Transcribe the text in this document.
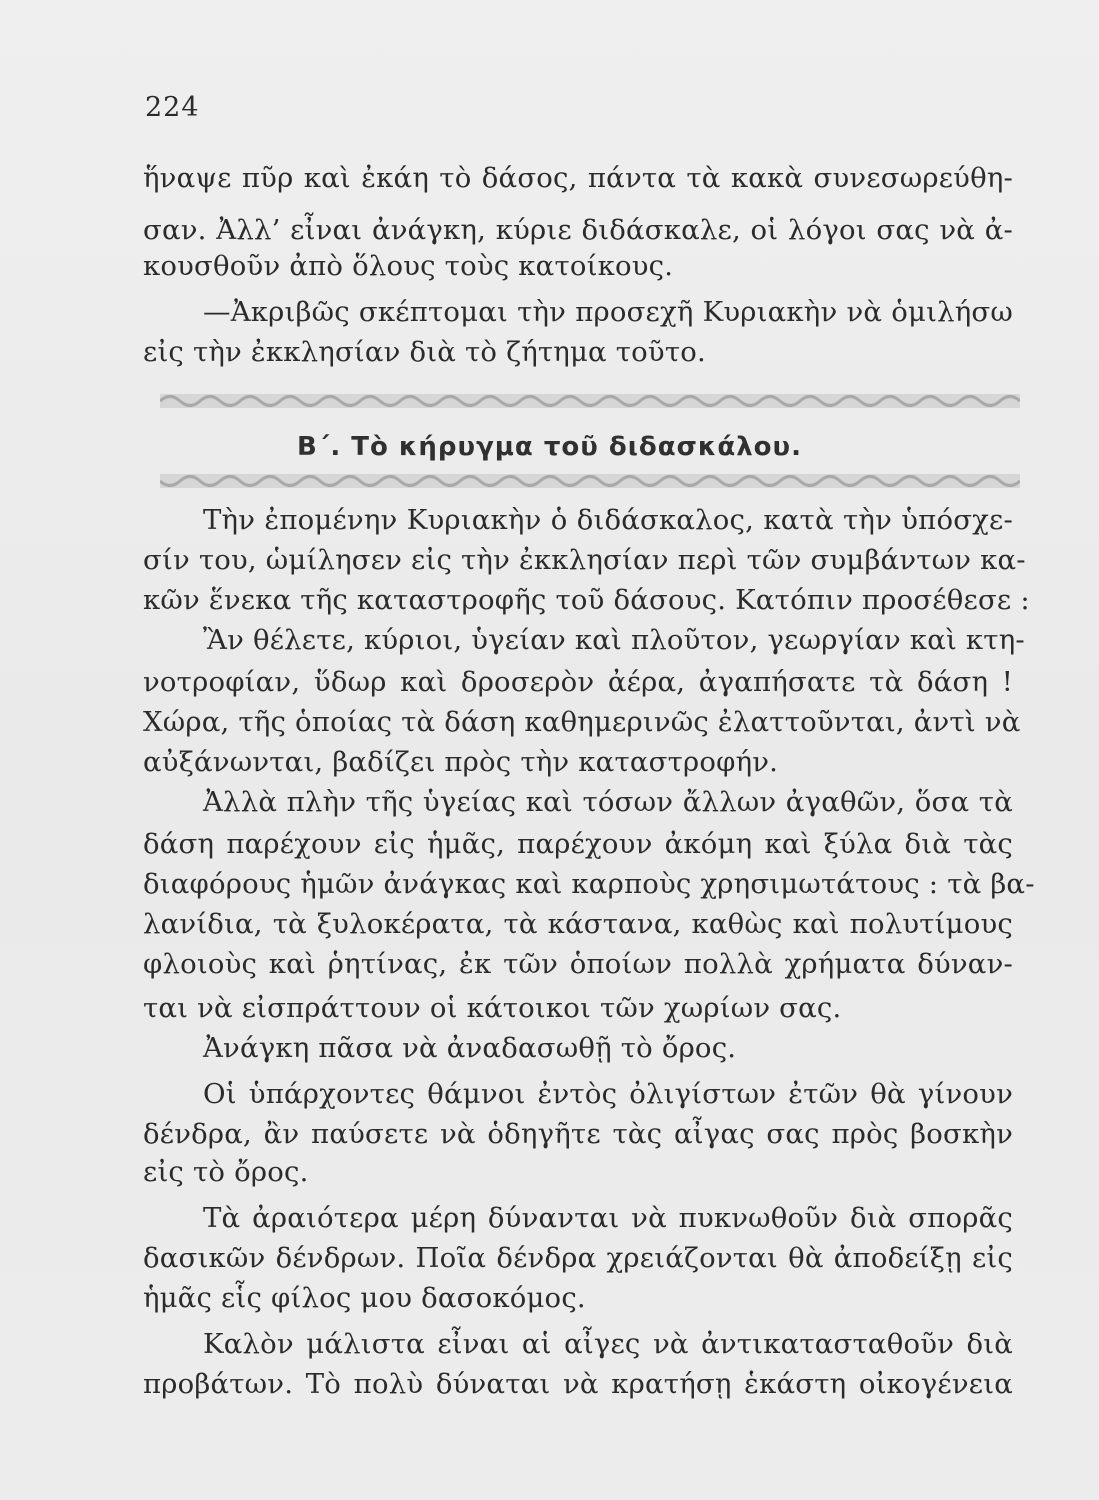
224
ἥναψε πῦρ καὶ ἐκάη τὸ δάσος, πάντα τὰ κακὰ συνεσωρεύθη-
σαν. Ἀλλ’ εἶναι ἀνάγκη, κύριε διδάσκαλε, οἱ λόγοι σας νὰ ἀ-
κουσθοῦν ἀπὸ ὅλους τοὺς κατοίκους.
—Ἀκριβῶς σκέπτομαι τὴν προσεχῆ Κυριακὴν νὰ ὁμιλήσω
εἰς τὴν ἐκκλησίαν διὰ τὸ ζήτημα τοῦτο.
Β΄. Τὸ κήρυγμα τοῦ διδασκάλου.
Τὴν ἐπομένην Κυριακὴν ὁ διδάσκαλος, κατὰ τὴν ὑπόσχε-
σίν του, ὡμίλησεν εἰς τὴν ἐκκλησίαν περὶ τῶν συμβάντων κα-
κῶν ἕνεκα τῆς καταστροφῆς τοῦ δάσους. Κατόπιν προσέθεσε :
Ἂν θέλετε, κύριοι, ὑγείαν καὶ πλοῦτον, γεωργίαν καὶ κτη-
νοτροφίαν, ὕδωρ καὶ δροσερὸν ἀέρα, ἀγαπήσατε τὰ δάση !
Χώρα, τῆς ὁποίας τὰ δάση καθημερινῶς ἐλαττοῦνται, ἀντὶ νὰ
αὐξάνωνται, βαδίζει πρὸς τὴν καταστροφήν.
Ἀλλὰ πλὴν τῆς ὑγείας καὶ τόσων ἄλλων ἀγαθῶν, ὅσα τὰ
δάση παρέχουν εἰς ἡμᾶς, παρέχουν ἀκόμη καὶ ξύλα διὰ τὰς
διαφόρους ἡμῶν ἀνάγκας καὶ καρποὺς χρησιμωτάτους : τὰ βα-
λανίδια, τὰ ξυλοκέρατα, τὰ κάστανα, καθὼς καὶ πολυτίμους
φλοιοὺς καὶ ῥητίνας, ἐκ τῶν ὁποίων πολλὰ χρήματα δύναν-
ται νὰ εἰσπράττουν οἱ κάτοικοι τῶν χωρίων σας.
Ἀνάγκη πᾶσα νὰ ἀναδασωθῇ τὸ ὄρος.
Οἱ ὑπάρχοντες θάμνοι ἐντὸς ὀλιγίστων ἐτῶν θὰ γίνουν
δένδρα, ἂν παύσετε νὰ ὁδηγῆτε τὰς αἶγας σας πρὸς βοσκὴν
εἰς τὸ ὄρος.
Τὰ ἀραιότερα μέρη δύνανται νὰ πυκνωθοῦν διὰ σπορᾶς
δασικῶν δένδρων. Ποῖα δένδρα χρειάζονται θὰ ἀποδείξῃ εἰς
ἡμᾶς εἷς φίλος μου δασοκόμος.
Καλὸν μάλιστα εἶναι αἱ αἶγες νὰ ἀντικατασταθοῦν διὰ
προβάτων. Τὸ πολὺ δύναται νὰ κρατήσῃ ἑκάστη οἰκογένεια
